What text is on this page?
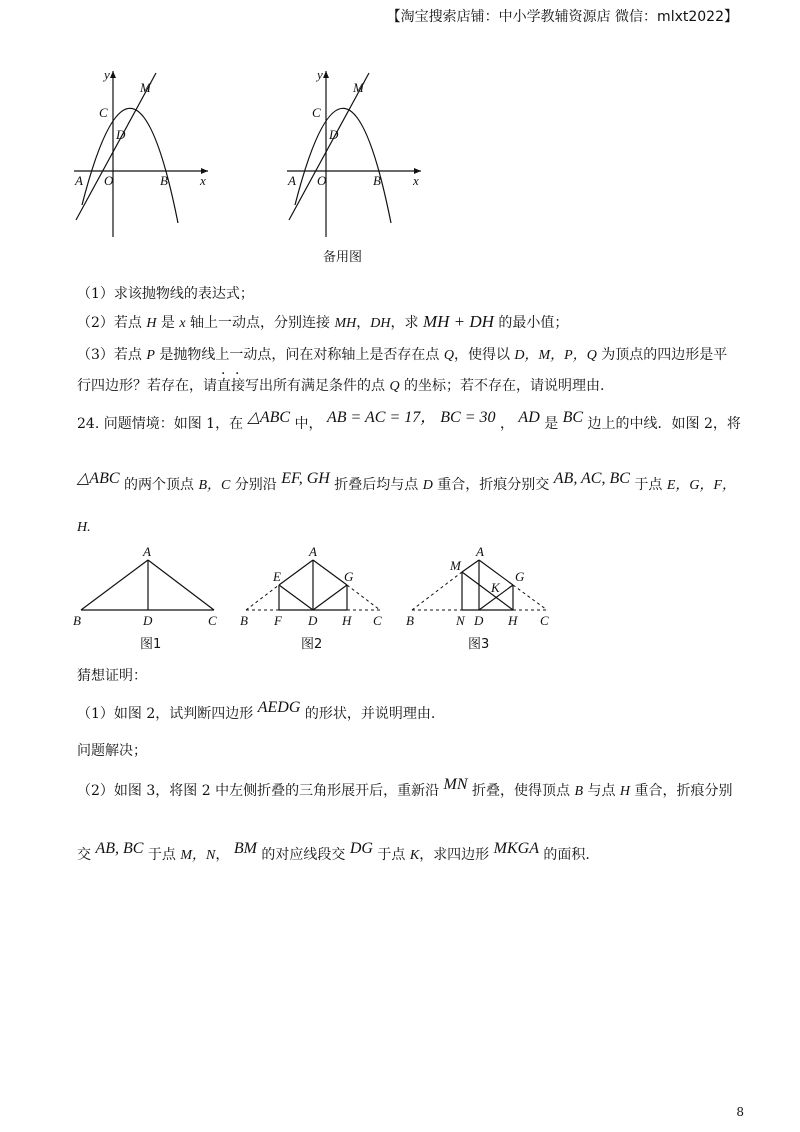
【淘宝搜索店铺：中小学教辅资源店 微信：mlxt2022】
y
x
M
C
D
A O	B
y
x
M
C
D
A O	B
备用图
（1）求该抛物线的表达式；
（2）若点 H 是 x 轴上一动点，分别连接 MH，DH，求 MH + DH 的最小值；
（3）若点 P 是抛物线上一动点，问在对称轴上是否存在点 Q，使得以 D，M，P，Q 为顶点的四边形是平
行四边形？若存在，请直接写出所有满足条件的点 Q 的坐标；若不存在，请说明理由.
24. 问题情境：如图 1，在 △ABC 中， AB = AC = 17， BC = 30 ， AD 是 BC 边上的中线．如图 2，将
△ABC 的两个顶点 B，C 分别沿 EF, GH 折叠后均与点 D 重合，折痕分别交 AB, AC, BC 于点 E，G，F，
H.
A
B	C
D
A
E	G
B F D H C
M
A
G
K
B	N D H C
图1	图2	图3
猜想证明：
（1）如图 2，试判断四边形 AEDG 的形状，并说明理由.
问题解决；
（2）如图 3，将图 2 中左侧折叠的三角形展开后，重新沿 MN 折叠，使得顶点 B 与点 H 重合，折痕分别
交 AB, BC 于点 M，N， BM 的对应线段交 DG 于点 K，求四边形 MKGA 的面积.
8
